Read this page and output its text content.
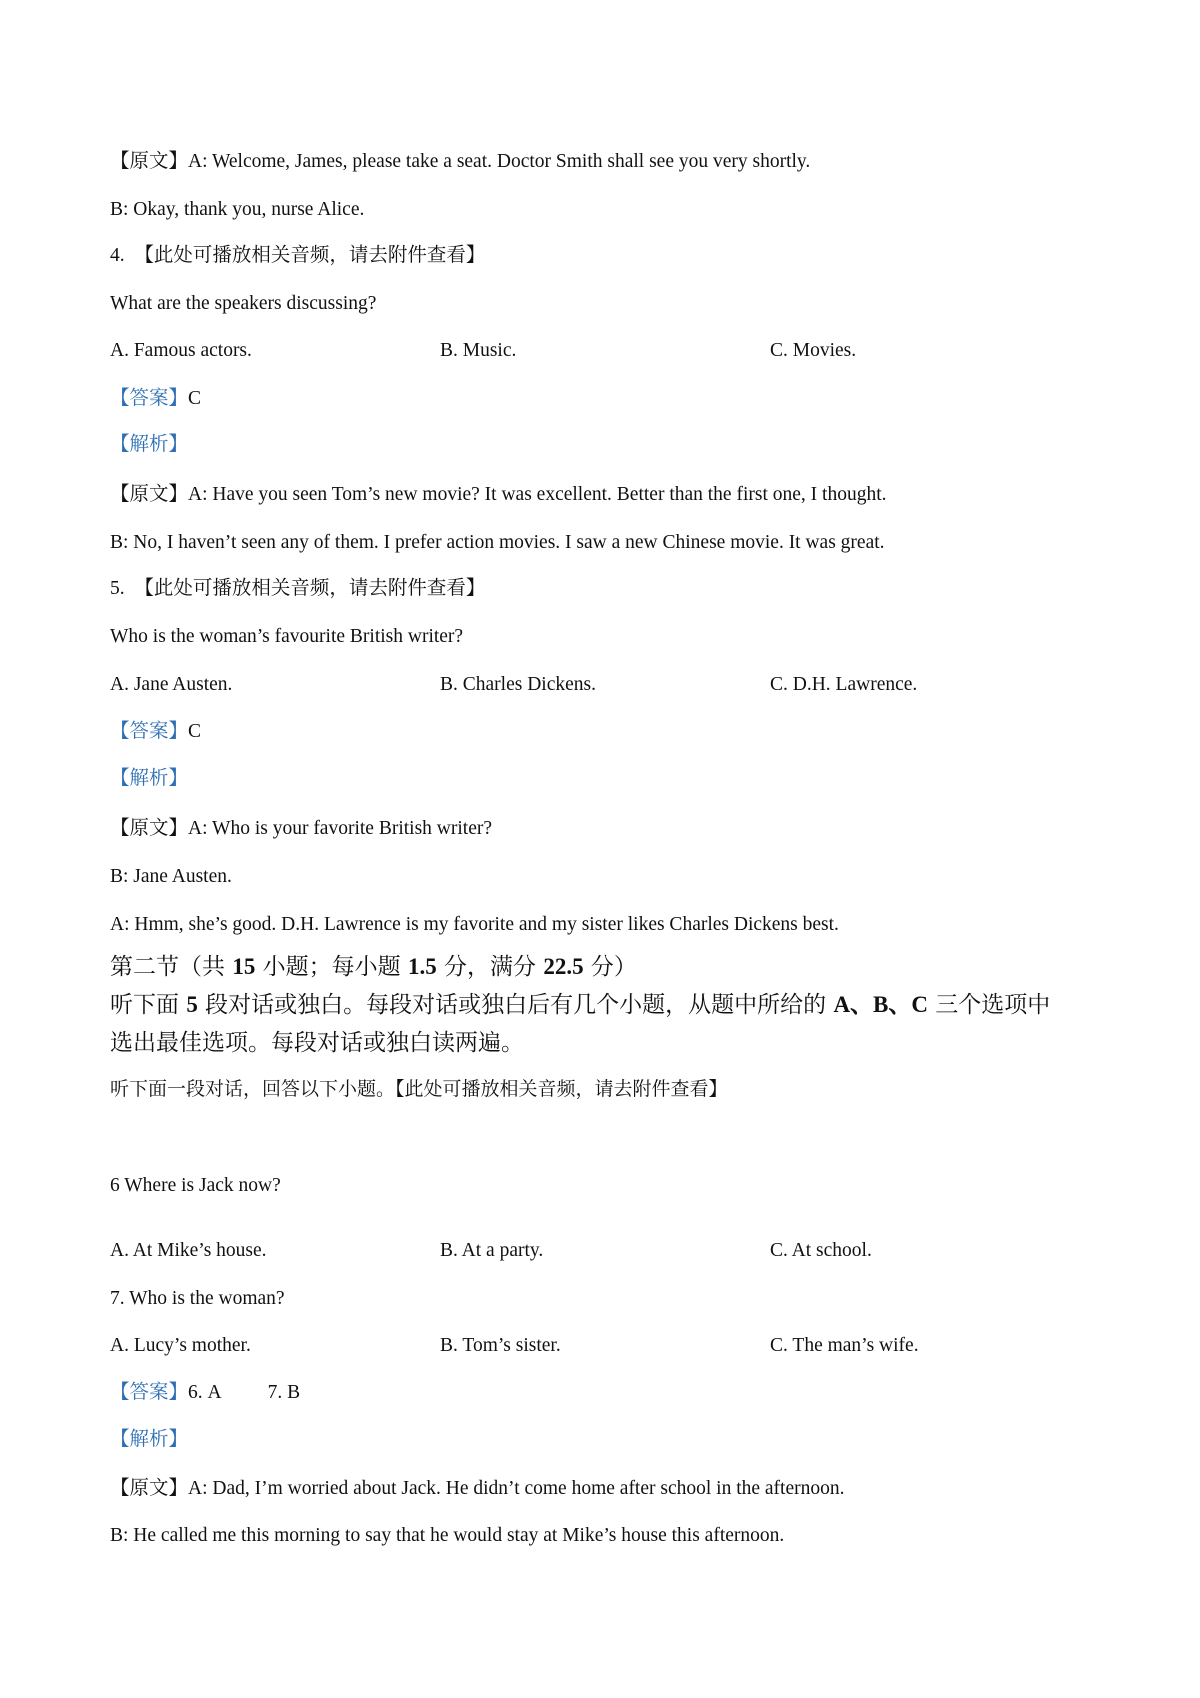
【原文】A: Welcome, James, please take a seat. Doctor Smith shall see you very shortly.
B: Okay, thank you, nurse Alice.
4. 【此处可播放相关音频，请去附件查看】
What are the speakers discussing?
A. Famous actors.	B. Music.	C. Movies.
【答案】C
【解析】
【原文】A: Have you seen Tom’s new movie? It was excellent. Better than the first one, I thought.
B: No, I haven’t seen any of them. I prefer action movies. I saw a new Chinese movie. It was great.
5. 【此处可播放相关音频，请去附件查看】
Who is the woman’s favourite British writer?
A. Jane Austen.	B. Charles Dickens.	C. D.H. Lawrence.
【答案】C
【解析】
【原文】A: Who is your favorite British writer?
B: Jane Austen.
A: Hmm, she’s good. D.H. Lawrence is my favorite and my sister likes Charles Dickens best.
第二节（共 15 小题；每小题 1.5 分，满分 22.5 分）
听下面 5 段对话或独白。每段对话或独白后有几个小题，从题中所给的 A、B、C 三个选项中
选出最佳选项。每段对话或独白读两遍。
听下面一段对话，回答以下小题。【此处可播放相关音频，请去附件查看】
6 Where is Jack now?
A. At Mike’s house.	B. At a party.	C. At school.
7. Who is the woman?
A. Lucy’s mother.	B. Tom’s sister.	C. The man’s wife.
【答案】6. A 7. B
【解析】
【原文】A: Dad, I’m worried about Jack. He didn’t come home after school in the afternoon.
B: He called me this morning to say that he would stay at Mike’s house this afternoon.
